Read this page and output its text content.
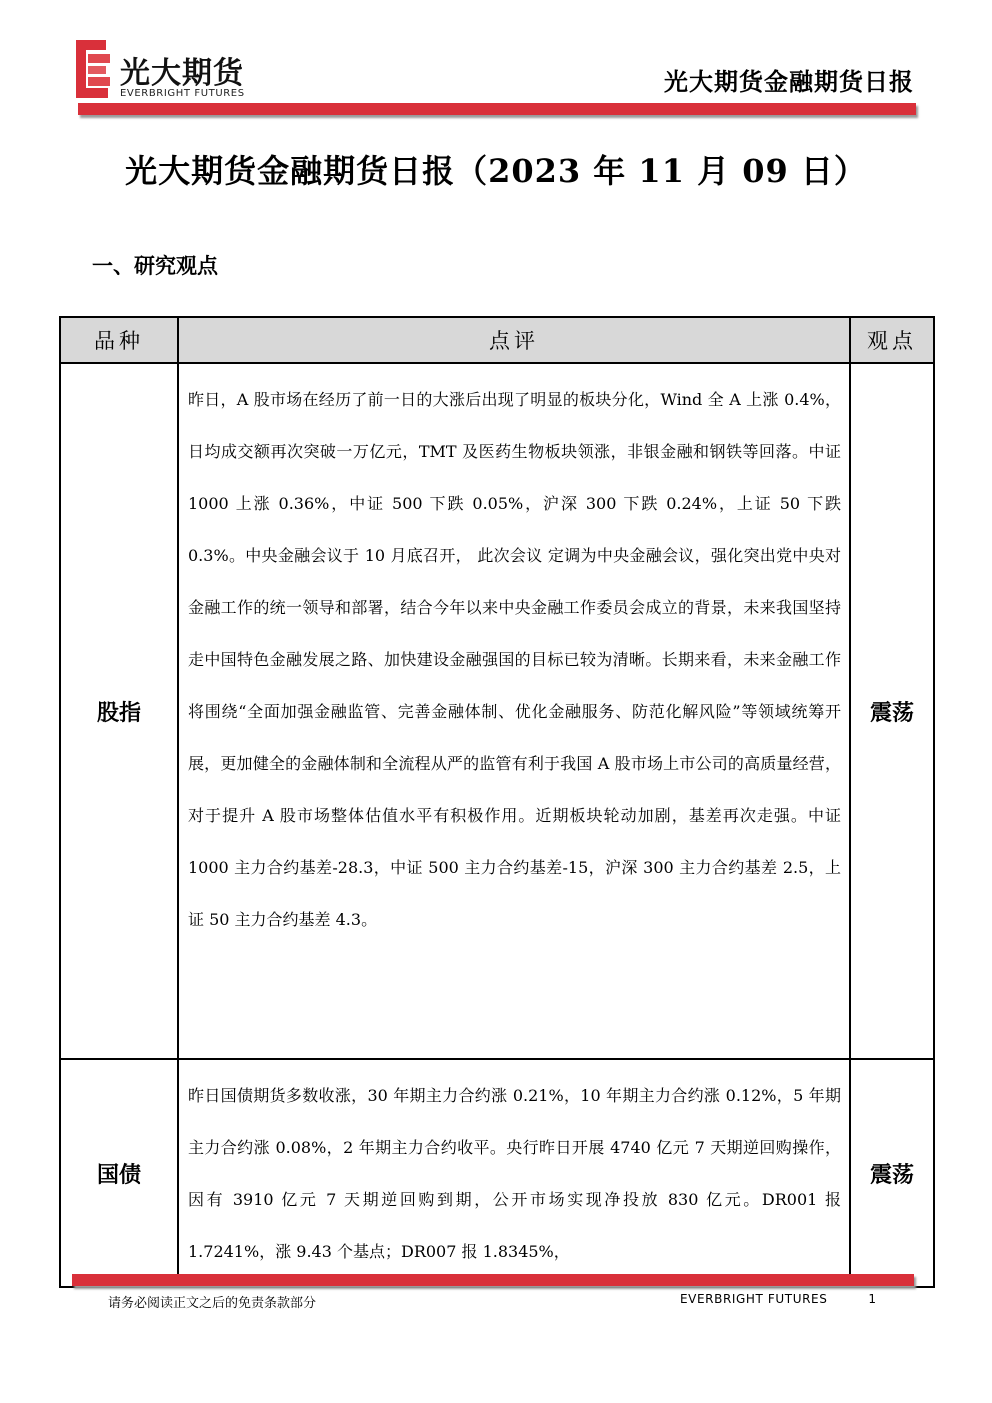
光大期货
EVERBRIGHT FUTURES	光大期货金融期货日报
光大期货金融期货日报（2023 年 11 月 09 日）
一、研究观点
品种	点评	观点
股指	昨日，A 股市场在经历了前一日的大涨后出现了明显的板块分化，Wind 全 A 上涨 0.4%，日均成交额再次突破一万亿元，TMT 及医药生物板块领涨，非银金融和钢铁等回落。中证 1000 上涨 0.36%，中证 500 下跌 0.05%，沪深 300 下跌 0.24%，上证 50 下跌 0.3%。中央金融会议于 10 月底召开， 此次会议 定调为中央金融会议，强化突出党中央对金融工作的统一领导和部署，结合今年以来中央金融工作委员会成立的背景，未来我国坚持走中国特色金融发展之路、加快建设金融强国的目标已较为清晰。长期来看，未来金融工作将围绕“全面加强金融监管、完善金融体制、优化金融服务、防范化解风险”等领域统筹开展，更加健全的金融体制和全流程从严的监管有利于我国 A 股市场上市公司的高质量经营，对于提升 A 股市场整体估值水平有积极作用。近期板块轮动加剧，基差再次走强。中证 1000 主力合约基差-28.3，中证 500 主力合约基差-15，沪深 300 主力合约基差 2.5，上证 50 主力合约基差 4.3。	震荡
国债	昨日国债期货多数收涨，30 年期主力合约涨 0.21%，10 年期主力合约涨 0.12%，5 年期主力合约涨 0.08%，2 年期主力合约收平。央行昨日开展 4740 亿元 7 天期逆回购操作，因有 3910 亿元 7 天期逆回购到期，公开市场实现净投放 830 亿元。DR001 报 1.7241%，涨 9.43 个基点；DR007 报 1.8345%，	震荡
请务必阅读正文之后的免责条款部分	EVERBRIGHT FUTURES	1
